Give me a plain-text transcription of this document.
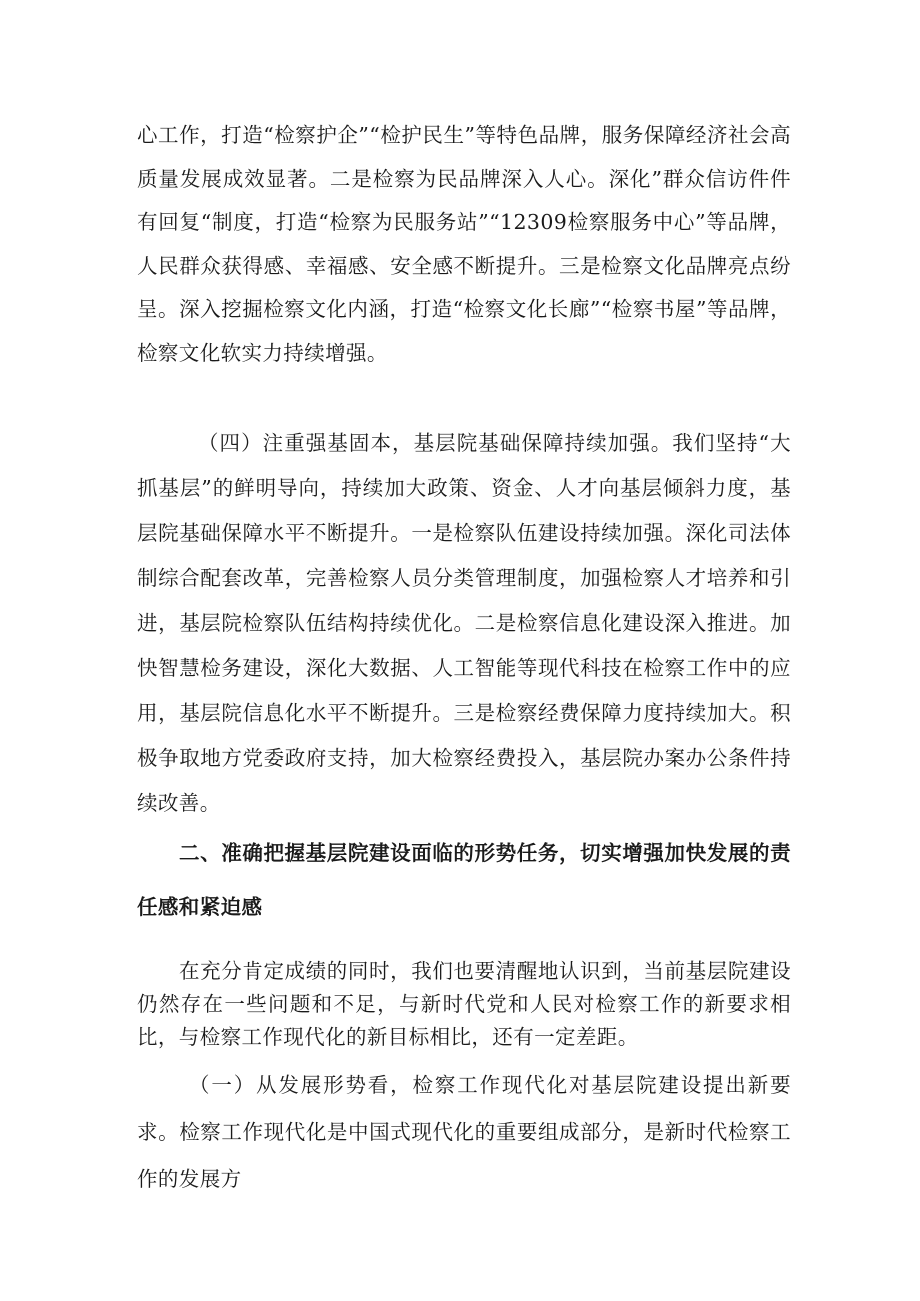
心工作，打造“检察护企”“检护民生”等特色品牌，服务保障经济社会高质量发展成效显著。二是检察为民品牌深入人心。深化”群众信访件件有回复“制度，打造“检察为民服务站”“12309检察服务中心”等品牌，人民群众获得感、幸福感、安全感不断提升。三是检察文化品牌亮点纷呈。深入挖掘检察文化内涵，打造“检察文化长廊”“检察书屋”等品牌，检察文化软实力持续增强。

（四）注重强基固本，基层院基础保障持续加强。我们坚持“大抓基层”的鲜明导向，持续加大政策、资金、人才向基层倾斜力度，基层院基础保障水平不断提升。一是检察队伍建设持续加强。深化司法体制综合配套改革，完善检察人员分类管理制度，加强检察人才培养和引进，基层院检察队伍结构持续优化。二是检察信息化建设深入推进。加快智慧检务建设，深化大数据、人工智能等现代科技在检察工作中的应用，基层院信息化水平不断提升。三是检察经费保障力度持续加大。积极争取地方党委政府支持，加大检察经费投入，基层院办案办公条件持续改善。

二、准确把握基层院建设面临的形势任务，切实增强加快发展的责任感和紧迫感

在充分肯定成绩的同时，我们也要清醒地认识到，当前基层院建设仍然存在一些问题和不足，与新时代党和人民对检察工作的新要求相比，与检察工作现代化的新目标相比，还有一定差距。

（一）从发展形势看，检察工作现代化对基层院建设提出新要求。检察工作现代化是中国式现代化的重要组成部分，是新时代检察工作的发展方
